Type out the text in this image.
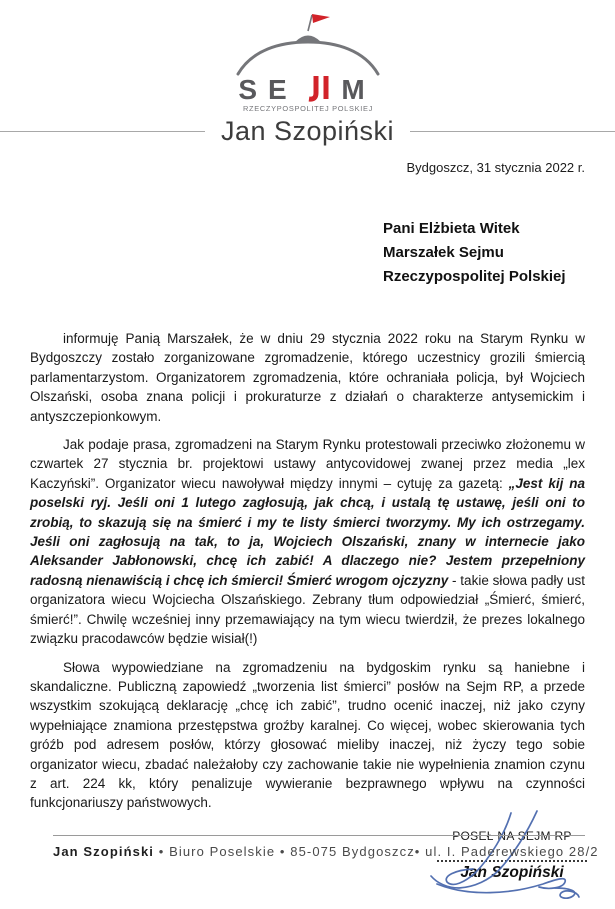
SE M
RZECZYPOSPOLITEJ POLSKIEJ
Jan Szopiński
Bydgoszcz, 31 stycznia 2022 r.
Pani Elżbieta Witek
Marszałek Sejmu
Rzeczypospolitej Polskiej

informuję Panią Marszałek, że w dniu 29 stycznia 2022 roku na Starym Rynku w Bydgoszczy zostało zorganizowane zgromadzenie, którego uczestnicy grozili śmiercią parlamentarzystom. Organizatorem zgromadzenia, które ochraniała policja, był Wojciech Olszański, osoba znana policji i prokuraturze z działań o charakterze antysemickim i antyszczepionkowym.

Jak podaje prasa, zgromadzeni na Starym Rynku protestowali przeciwko złożonemu w czwartek 27 stycznia br. projektowi ustawy antycovidowej zwanej przez media „lex Kaczyński”. Organizator wiecu nawoływał między innymi – cytuję za gazetą: „Jest kij na poselski ryj. Jeśli oni 1 lutego zagłosują, jak chcą, i ustalą tę ustawę, jeśli oni to zrobią, to skazują się na śmierć i my te listy śmierci tworzymy. My ich ostrzegamy. Jeśli oni zagłosują na tak, to ja, Wojciech Olszański, znany w internecie jako Aleksander Jabłonowski, chcę ich zabić! A dlaczego nie? Jestem przepełniony radosną nienawiścią i chcę ich śmierci! Śmierć wrogom ojczyzny - takie słowa padły ust organizatora wiecu Wojciecha Olszańskiego. Zebrany tłum odpowiedział „Śmierć, śmierć, śmierć!”. Chwilę wcześniej inny przemawiający na tym wiecu twierdził, że prezes lokalnego związku pracodawców będzie wisiał(!)

Słowa wypowiedziane na zgromadzeniu na bydgoskim rynku są haniebne i skandaliczne. Publiczną zapowiedź „tworzenia list śmierci” posłów na Sejm RP, a przede wszystkim szokującą deklarację „chcę ich zabić”, trudno ocenić inaczej, niż jako czyny wypełniające znamiona przestępstwa groźby karalnej. Co więcej, wobec skierowania tych gróźb pod adresem posłów, którzy głosować mieliby inaczej, niż życzy tego sobie organizator wiecu, zbadać należałoby czy zachowanie takie nie wypełnienia znamion czynu z art. 224 kk, który penalizuje wywieranie bezprawnego wpływu na czynności funkcjonariuszy państwowych.

POSEŁ NA SEJM RP
Jan Szopiński
Jan Szopiński • Biuro Poselskie • 85-075 Bydgoszcz• ul. I. Paderewskiego 28/2
